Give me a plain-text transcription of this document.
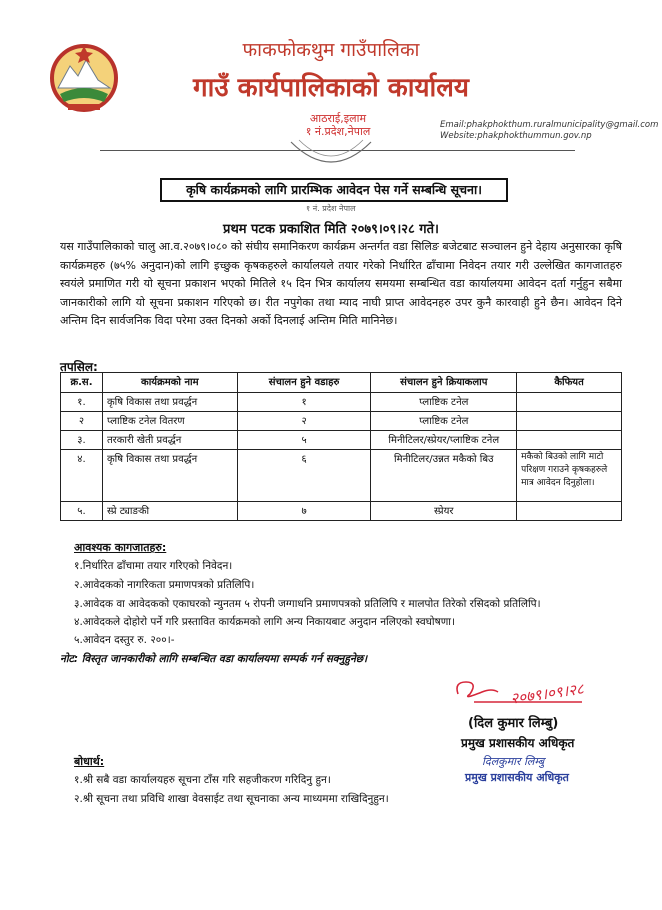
फाकफोकथुम गाउँपालिका
गाउँ कार्यपालिकाको कार्यालय
आठराई,इलाम
१ नं.प्रदेश,नेपाल	Email:phakphokthum.ruralmunicipality@gmail.com
Website:phakphokthummun.gov.np
कृषि कार्यक्रमको लागि प्रारम्भिक आवेदन पेस गर्ने सम्बन्धि सूचना।
१ नं. प्रदेश नेपाल
प्रथम पटक प्रकाशित मिति २०७९।०९।२८ गते।
यस गाउँपालिकाको चालु आ.व.२०७९।०८० को संघीय समानिकरण कार्यक्रम अन्तर्गत वडा सिलिङ बजेटबाट सञ्चालन हुने देहाय अनुसारका कृषि कार्यक्रमहरु (७५% अनुदान)को लागि इच्छुक कृषकहरुले कार्यालयले तयार गरेको निर्धारित ढाँचामा निवेदन तयार गरी उल्लेखित कागजातहरु स्वयंले प्रमाणित गरी यो सूचना प्रकाशन भएको मितिले १५ दिन भित्र कार्यालय समयमा सम्बन्धित वडा कार्यालयमा आवेदन दर्ता गर्नुहुन सबैमा जानकारीको लागि यो सूचना प्रकाशन गरिएको छ। रीत नपुगेका तथा म्याद नाघी प्राप्त आवेदनहरु उपर कुनै कारवाही हुने छैन। आवेदन दिने अन्तिम दिन सार्वजनिक विदा परेमा उक्त दिनको अर्को दिनलाई अन्तिम मिति मानिनेछ।
तपसिल:
क्र.स.	कार्यक्रमको नाम	संचालन हुने वडाहरु	संचालन हुने क्रियाकलाप	कैफियत
१.	कृषि विकास तथा प्रवर्द्धन	१	प्लाष्टिक टनेल	
२	प्लाष्टिक टनेल वितरण	२	प्लाष्टिक टनेल	
३.	तरकारी खेती प्रवर्द्धन	५	मिनीटिलर/स्प्रेयर/प्लाष्टिक टनेल	
४.	कृषि विकास तथा प्रवर्द्धन	६	मिनीटिलर/उन्नत मकैको बिउ	मकैको बिउको लागि माटो परिक्षण गराउने कृषकहरुले मात्र आवेदन दिनुहोला।
५.	स्प्रे ट्याङकी	७	स्प्रेयर	
आवश्यक कागजातहरु:
१.निर्धारित ढाँचामा तयार गरिएको निवेदन।
२.आवेदकको नागरिकता प्रमाणपत्रको प्रतिलिपि।
३.आवेदक वा आवेदकको एकाघरको न्युनतम ५ रोपनी जग्गाधनि प्रमाणपत्रको प्रतिलिपि र मालपोत तिरेको रसिदको प्रतिलिपि।
४.आवेदकले दोहोरो पर्ने गरि प्रस्तावित कार्यक्रमको लागि अन्य निकायबाट अनुदान नलिएको स्वघोषणा।
५.आवेदन दस्तुर रु. २००।-
नोट: विस्तृत जानकारीको लागि सम्बन्धित वडा कार्यालयमा सम्पर्क गर्न सक्नुहुनेछ।
२०७९।०९।२८
(दिल कुमार लिम्बु)
प्रमुख प्रशासकीय अधिकृत
दिलकुमार लिम्बु
प्रमुख प्रशासकीय अधिकृत
बोधार्थ:
१.श्री सबै वडा कार्यालयहरु सूचना टाँस गरि सहजीकरण गरिदिनु हुन।
२.श्री सूचना तथा प्रविधि शाखा वेवसाईट तथा सूचनाका अन्य माध्यममा राखिदिनुहुन।
